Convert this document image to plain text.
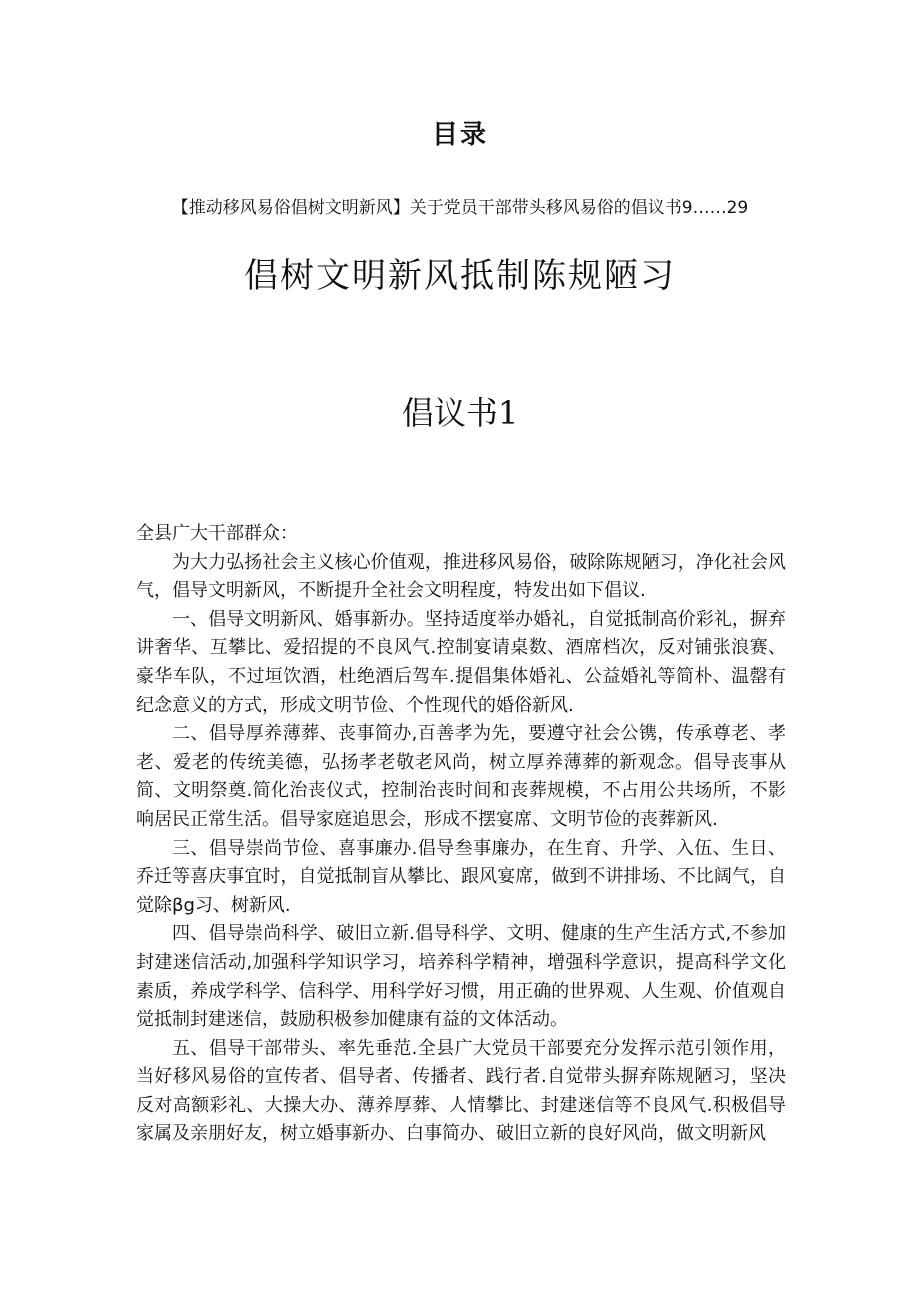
目录
【推动移风易俗倡树文明新风】关于党员干部带头移风易俗的倡议书9……29
倡树文明新风抵制陈规陋习
倡议书1

全县广大干部群众：

为大力弘扬社会主义核心价值观，推进移风易俗，破除陈规陋习，净化社会风气，倡导文明新风，不断提升全社会文明程度，特发出如下倡议.

一、倡导文明新风、婚事新办。坚持适度举办婚礼，自觉抵制高价彩礼，摒弃讲奢华、互攀比、爱招提的不良风气.控制宴请桌数、酒席档次，反对铺张浪赛、豪华车队，不过垣饮酒，杜绝酒后驾车.提倡集体婚礼、公益婚礼等简朴、温罄有纪念意义的方式，形成文明节俭、个性现代的婚俗新风.

二、倡导厚养薄葬、丧事简办,百善孝为先，要遵守社会公镌，传承尊老、孝老、爱老的传统美德，弘扬孝老敬老风尚，树立厚养薄葬的新观念。倡导丧事从简、文明祭奠.简化治丧仪式，控制治丧时间和丧葬规模，不占用公共场所，不影响居民正常生活。倡导家庭追思会，形成不摆宴席、文明节俭的丧葬新风.

三、倡导崇尚节俭、喜事廉办.倡导叁事廉办，在生育、升学、入伍、生日、乔迁等喜庆事宜时，自觉抵制盲从攀比、跟风宴席，做到不讲排场、不比阔气，自觉除βg习、树新风.

四、倡导崇尚科学、破旧立新.倡导科学、文明、健康的生产生活方式,不参加封建迷信活动,加强科学知识学习，培养科学精神，增强科学意识，提高科学文化素质，养成学科学、信科学、用科学好习惯，用正确的世界观、人生观、价值观自觉抵制封建迷信，鼓励积极参加健康有益的文体活动。

五、倡导干部带头、率先垂范.全县广大党员干部要充分发挥示范引领作用，当好移风易俗的宣传者、倡导者、传播者、践行者.自觉带头摒弃陈规陋习，坚决反对高额彩礼、大操大办、薄养厚葬、人情攀比、封建迷信等不良风气.积极倡导家属及亲朋好友，树立婚事新办、白事简办、破旧立新的良好风尚，做文明新风
